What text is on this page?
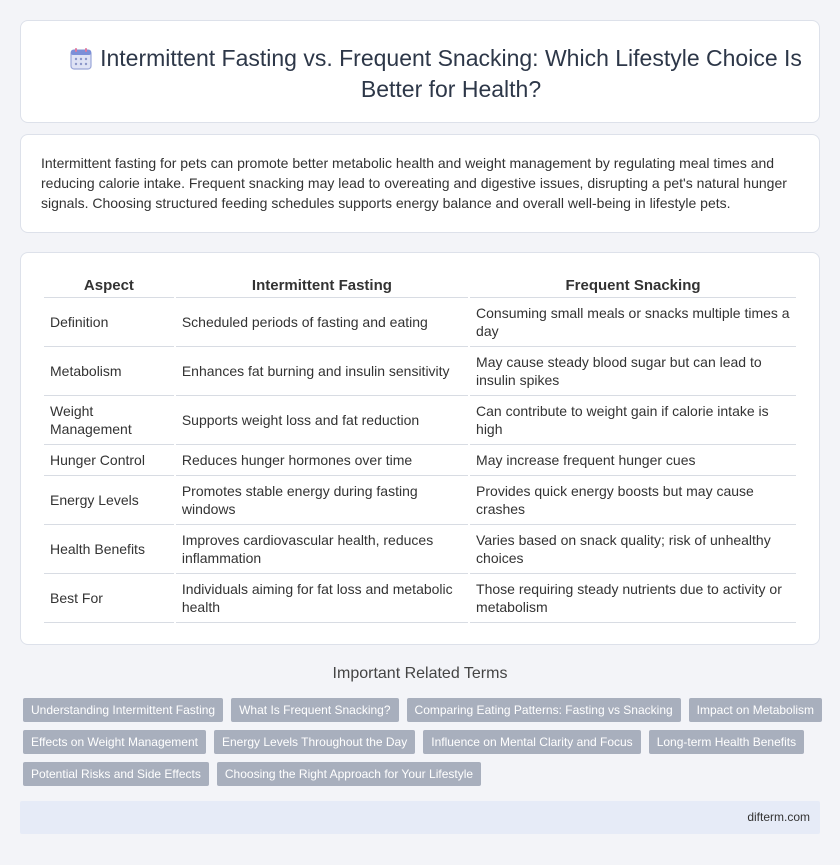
Intermittent Fasting vs. Frequent Snacking: Which Lifestyle Choice Is Better for Health?

Intermittent fasting for pets can promote better metabolic health and weight management by regulating meal times and reducing calorie intake. Frequent snacking may lead to overeating and digestive issues, disrupting a pet's natural hunger signals. Choosing structured feeding schedules supports energy balance and overall well-being in lifestyle pets.

Aspect	Intermittent Fasting	Frequent Snacking
Definition	Scheduled periods of fasting and eating	Consuming small meals or snacks multiple times a day
Metabolism	Enhances fat burning and insulin sensitivity	May cause steady blood sugar but can lead to insulin spikes
Weight Management	Supports weight loss and fat reduction	Can contribute to weight gain if calorie intake is high
Hunger Control	Reduces hunger hormones over time	May increase frequent hunger cues
Energy Levels	Promotes stable energy during fasting windows	Provides quick energy boosts but may cause crashes
Health Benefits	Improves cardiovascular health, reduces inflammation	Varies based on snack quality; risk of unhealthy choices
Best For	Individuals aiming for fat loss and metabolic health	Those requiring steady nutrients due to activity or metabolism
Important Related Terms
Understanding Intermittent Fasting	What Is Frequent Snacking?	Comparing Eating Patterns: Fasting vs Snacking	Impact on Metabolism
Effects on Weight Management	Energy Levels Throughout the Day	Influence on Mental Clarity and Focus	Long-term Health Benefits
Potential Risks and Side Effects	Choosing the Right Approach for Your Lifestyle
difterm.com
